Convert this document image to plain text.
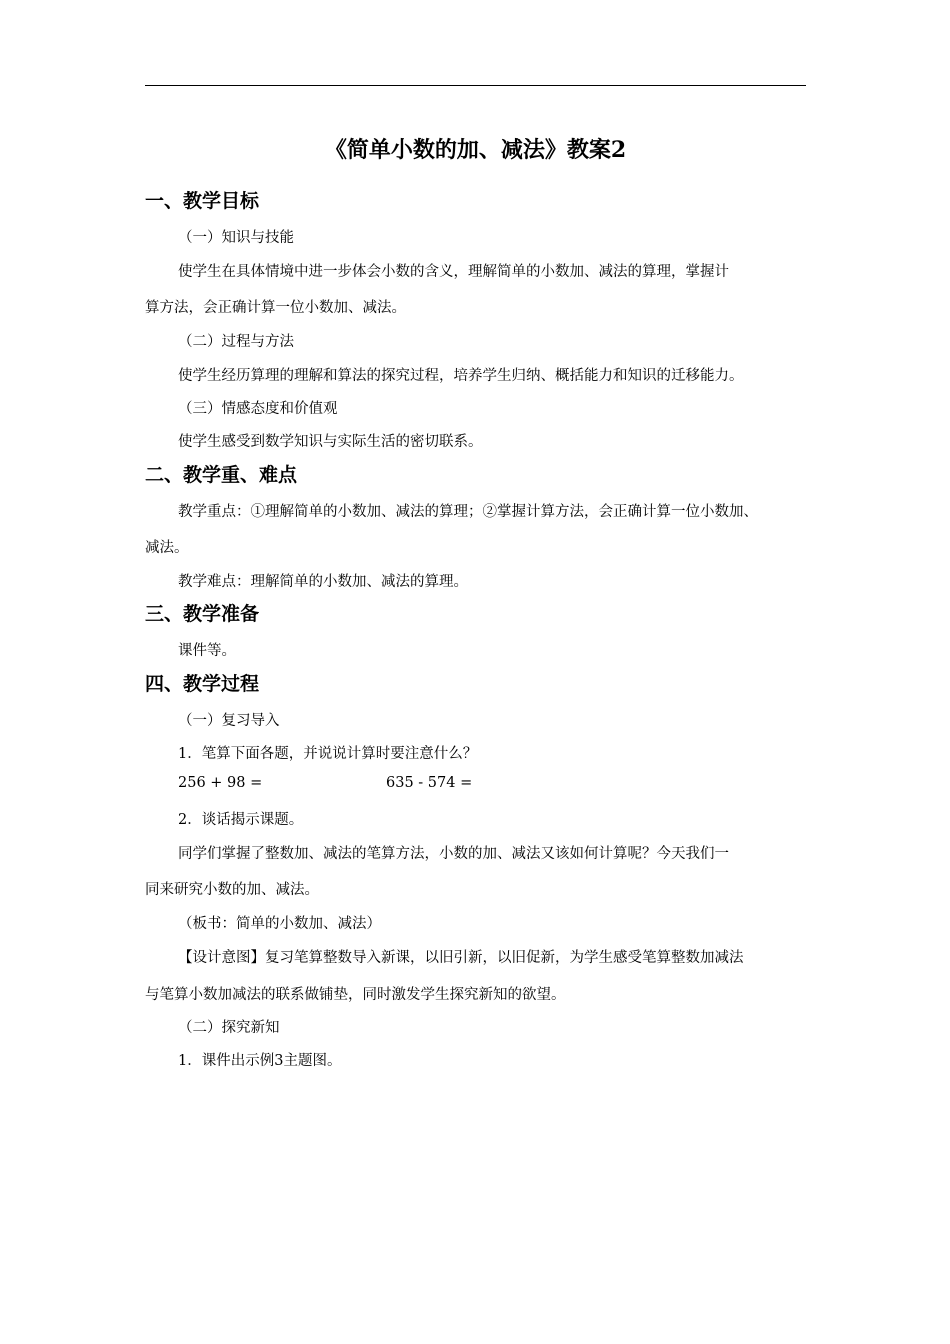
《简单小数的加、减法》教案2
一、教学目标

（一）知识与技能

使学生在具体情境中进一步体会小数的含义，理解简单的小数加、减法的算理，掌握计

算方法，会正确计算一位小数加、减法。

（二）过程与方法

使学生经历算理的理解和算法的探究过程，培养学生归纳、概括能力和知识的迁移能力。

（三）情感态度和价值观

使学生感受到数学知识与实际生活的密切联系。

二、教学重、难点

教学重点：①理解简单的小数加、减法的算理；②掌握计算方法，会正确计算一位小数加、

减法。

教学难点：理解简单的小数加、减法的算理。

三、教学准备

课件等。

四、教学过程

（一）复习导入

1．笔算下面各题，并说说计算时要注意什么？

256 + 98 =	635 - 574 =

2．谈话揭示课题。

同学们掌握了整数加、减法的笔算方法，小数的加、减法又该如何计算呢？今天我们一

同来研究小数的加、减法。

（板书：简单的小数加、减法）

【设计意图】复习笔算整数导入新课，以旧引新，以旧促新，为学生感受笔算整数加减法

与笔算小数加减法的联系做铺垫，同时激发学生探究新知的欲望。

（二）探究新知

1．课件出示例3主题图。
